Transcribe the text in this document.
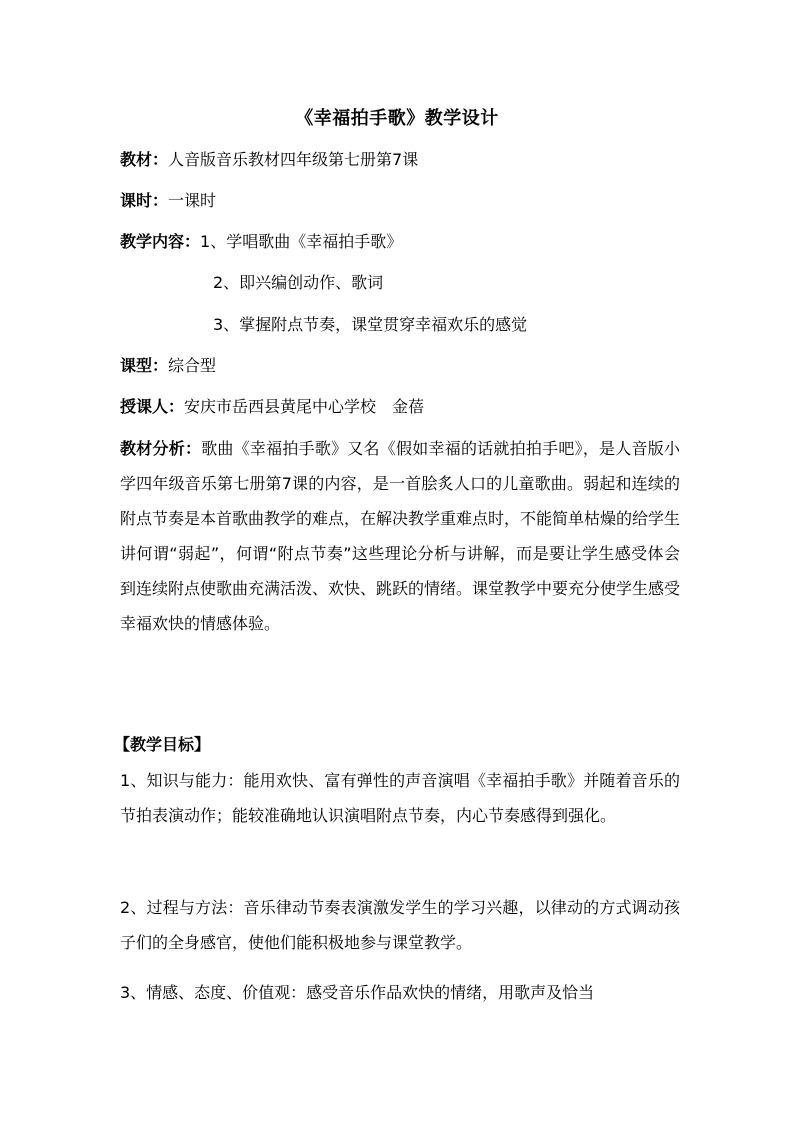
《幸福拍手歌》教学设计
教材：人音版音乐教材四年级第七册第7课
课时：一课时
教学内容：1、学唱歌曲《幸福拍手歌》
2、即兴编创动作、歌词
3、掌握附点节奏，课堂贯穿幸福欢乐的感觉
课型：综合型
授课人：安庆市岳西县黄尾中心学校　金蓓
教材分析：歌曲《幸福拍手歌》又名《假如幸福的话就拍拍手吧》，是人音版小学四年级音乐第七册第7课的内容，是一首脍炙人口的儿童歌曲。弱起和连续的附点节奏是本首歌曲教学的难点，在解决教学重难点时，不能简单枯燥的给学生讲何谓“弱起”，何谓“附点节奏”这些理论分析与讲解，而是要让学生感受体会到连续附点使歌曲充满活泼、欢快、跳跃的情绪。课堂教学中要充分使学生感受幸福欢快的情感体验。
【教学目标】
1、知识与能力：能用欢快、富有弹性的声音演唱《幸福拍手歌》并随着音乐的节拍表演动作；能较准确地认识演唱附点节奏，内心节奏感得到强化。
2、过程与方法：音乐律动节奏表演激发学生的学习兴趣，以律动的方式调动孩子们的全身感官，使他们能积极地参与课堂教学。
3、情感、态度、价值观：感受音乐作品欢快的情绪，用歌声及恰当
